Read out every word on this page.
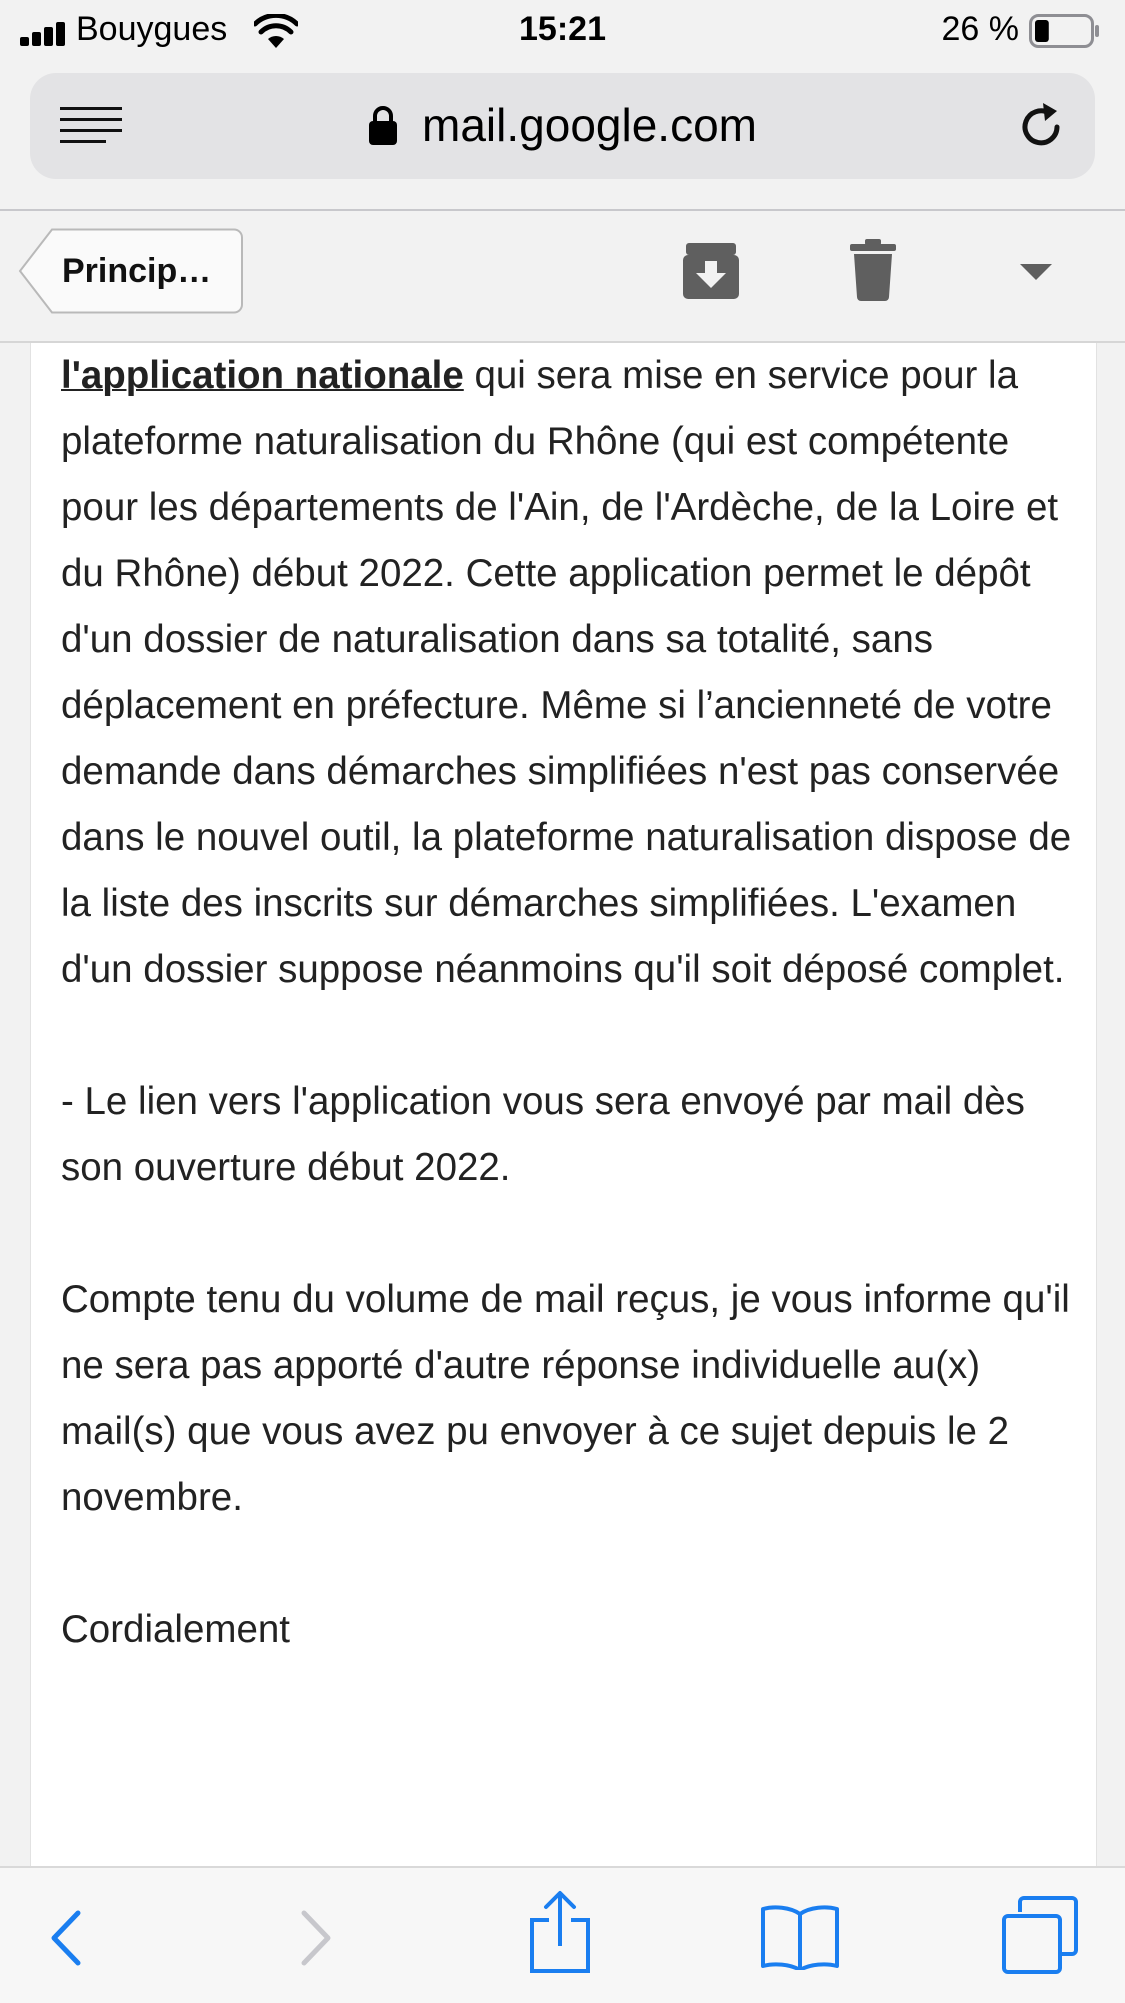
Bouygues	15:21	26 %
mail.google.com
Princip…

l'application nationale qui sera mise en service pour la plateforme naturalisation du Rhône (qui est compétente pour les départements de l'Ain, de l'Ardèche, de la Loire et du Rhône) début 2022. Cette application permet le dépôt d'un dossier de naturalisation dans sa totalité, sans déplacement en préfecture. Même si l’ancienneté de votre demande dans démarches simplifiées n'est pas conservée dans le nouvel outil, la plateforme naturalisation dispose de la liste des inscrits sur démarches simplifiées. L'examen d'un dossier suppose néanmoins qu'il soit déposé complet.

- Le lien vers l'application vous sera envoyé par mail dès son ouverture début 2022.

Compte tenu du volume de mail reçus, je vous informe qu'il ne sera pas apporté d'autre réponse individuelle au(x) mail(s) que vous avez pu envoyer à ce sujet depuis le 2 novembre.

Cordialement
